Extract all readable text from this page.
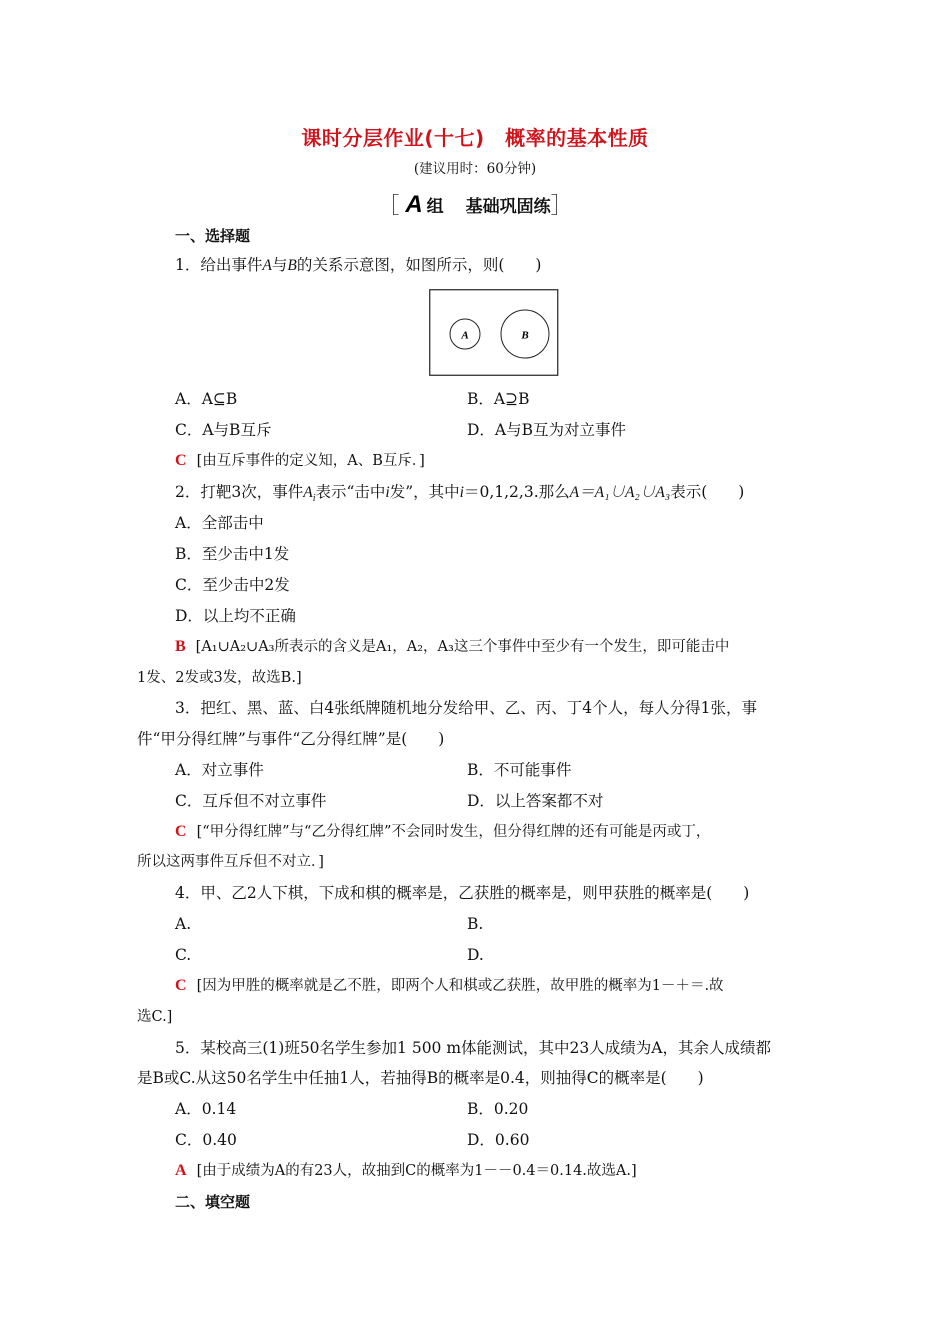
课时分层作业(十七)　概率的基本性质
(建议用时：60分钟)
［ A 组 基础巩固练］
一、选择题
1．给出事件A与B的关系示意图，如图所示，则(　　)
A	B
A．A⊆B	B．A⊇B
C．A与B互斥	D．A与B互为对立事件
C [由互斥事件的定义知，A、B互斥．]
2．打靶3次，事件$A_i$表示“击中i发”，其中i＝0,1,2,3.那么A＝A₁∪A₂∪A₃表示(　　)
A．全部击中
B．至少击中1发
C．至少击中2发
D．以上均不正确
B [A₁∪A₂∪A₃所表示的含义是A₁，A₂，A₃这三个事件中至少有一个发生，即可能击中
1发、2发或3发，故选B.]
3．把红、黑、蓝、白4张纸牌随机地分发给甲、乙、丙、丁4个人，每人分得1张，事
件“甲分得红牌”与事件“乙分得红牌”是(　　)
A．对立事件	B．不可能事件
C．互斥但不对立事件	D．以上答案都不对
C [“甲分得红牌”与“乙分得红牌”不会同时发生，但分得红牌的还有可能是丙或丁，
所以这两事件互斥但不对立．]
4．甲、乙2人下棋，下成和棋的概率是，乙获胜的概率是，则甲获胜的概率是(　　)
A.	B.
C.	D.
C [因为甲胜的概率就是乙不胜，即两个人和棋或乙获胜，故甲胜的概率为1－＋＝.故
选C.]
5．某校高三(1)班50名学生参加1 500 m体能测试，其中23人成绩为A，其余人成绩都
是B或C.从这50名学生中任抽1人，若抽得B的概率是0.4，则抽得C的概率是(　　)
A．0.14	B．0.20
C．0.40	D．0.60
A [由于成绩为A的有23人，故抽到C的概率为1－－0.4＝0.14.故选A.]
二、填空题
